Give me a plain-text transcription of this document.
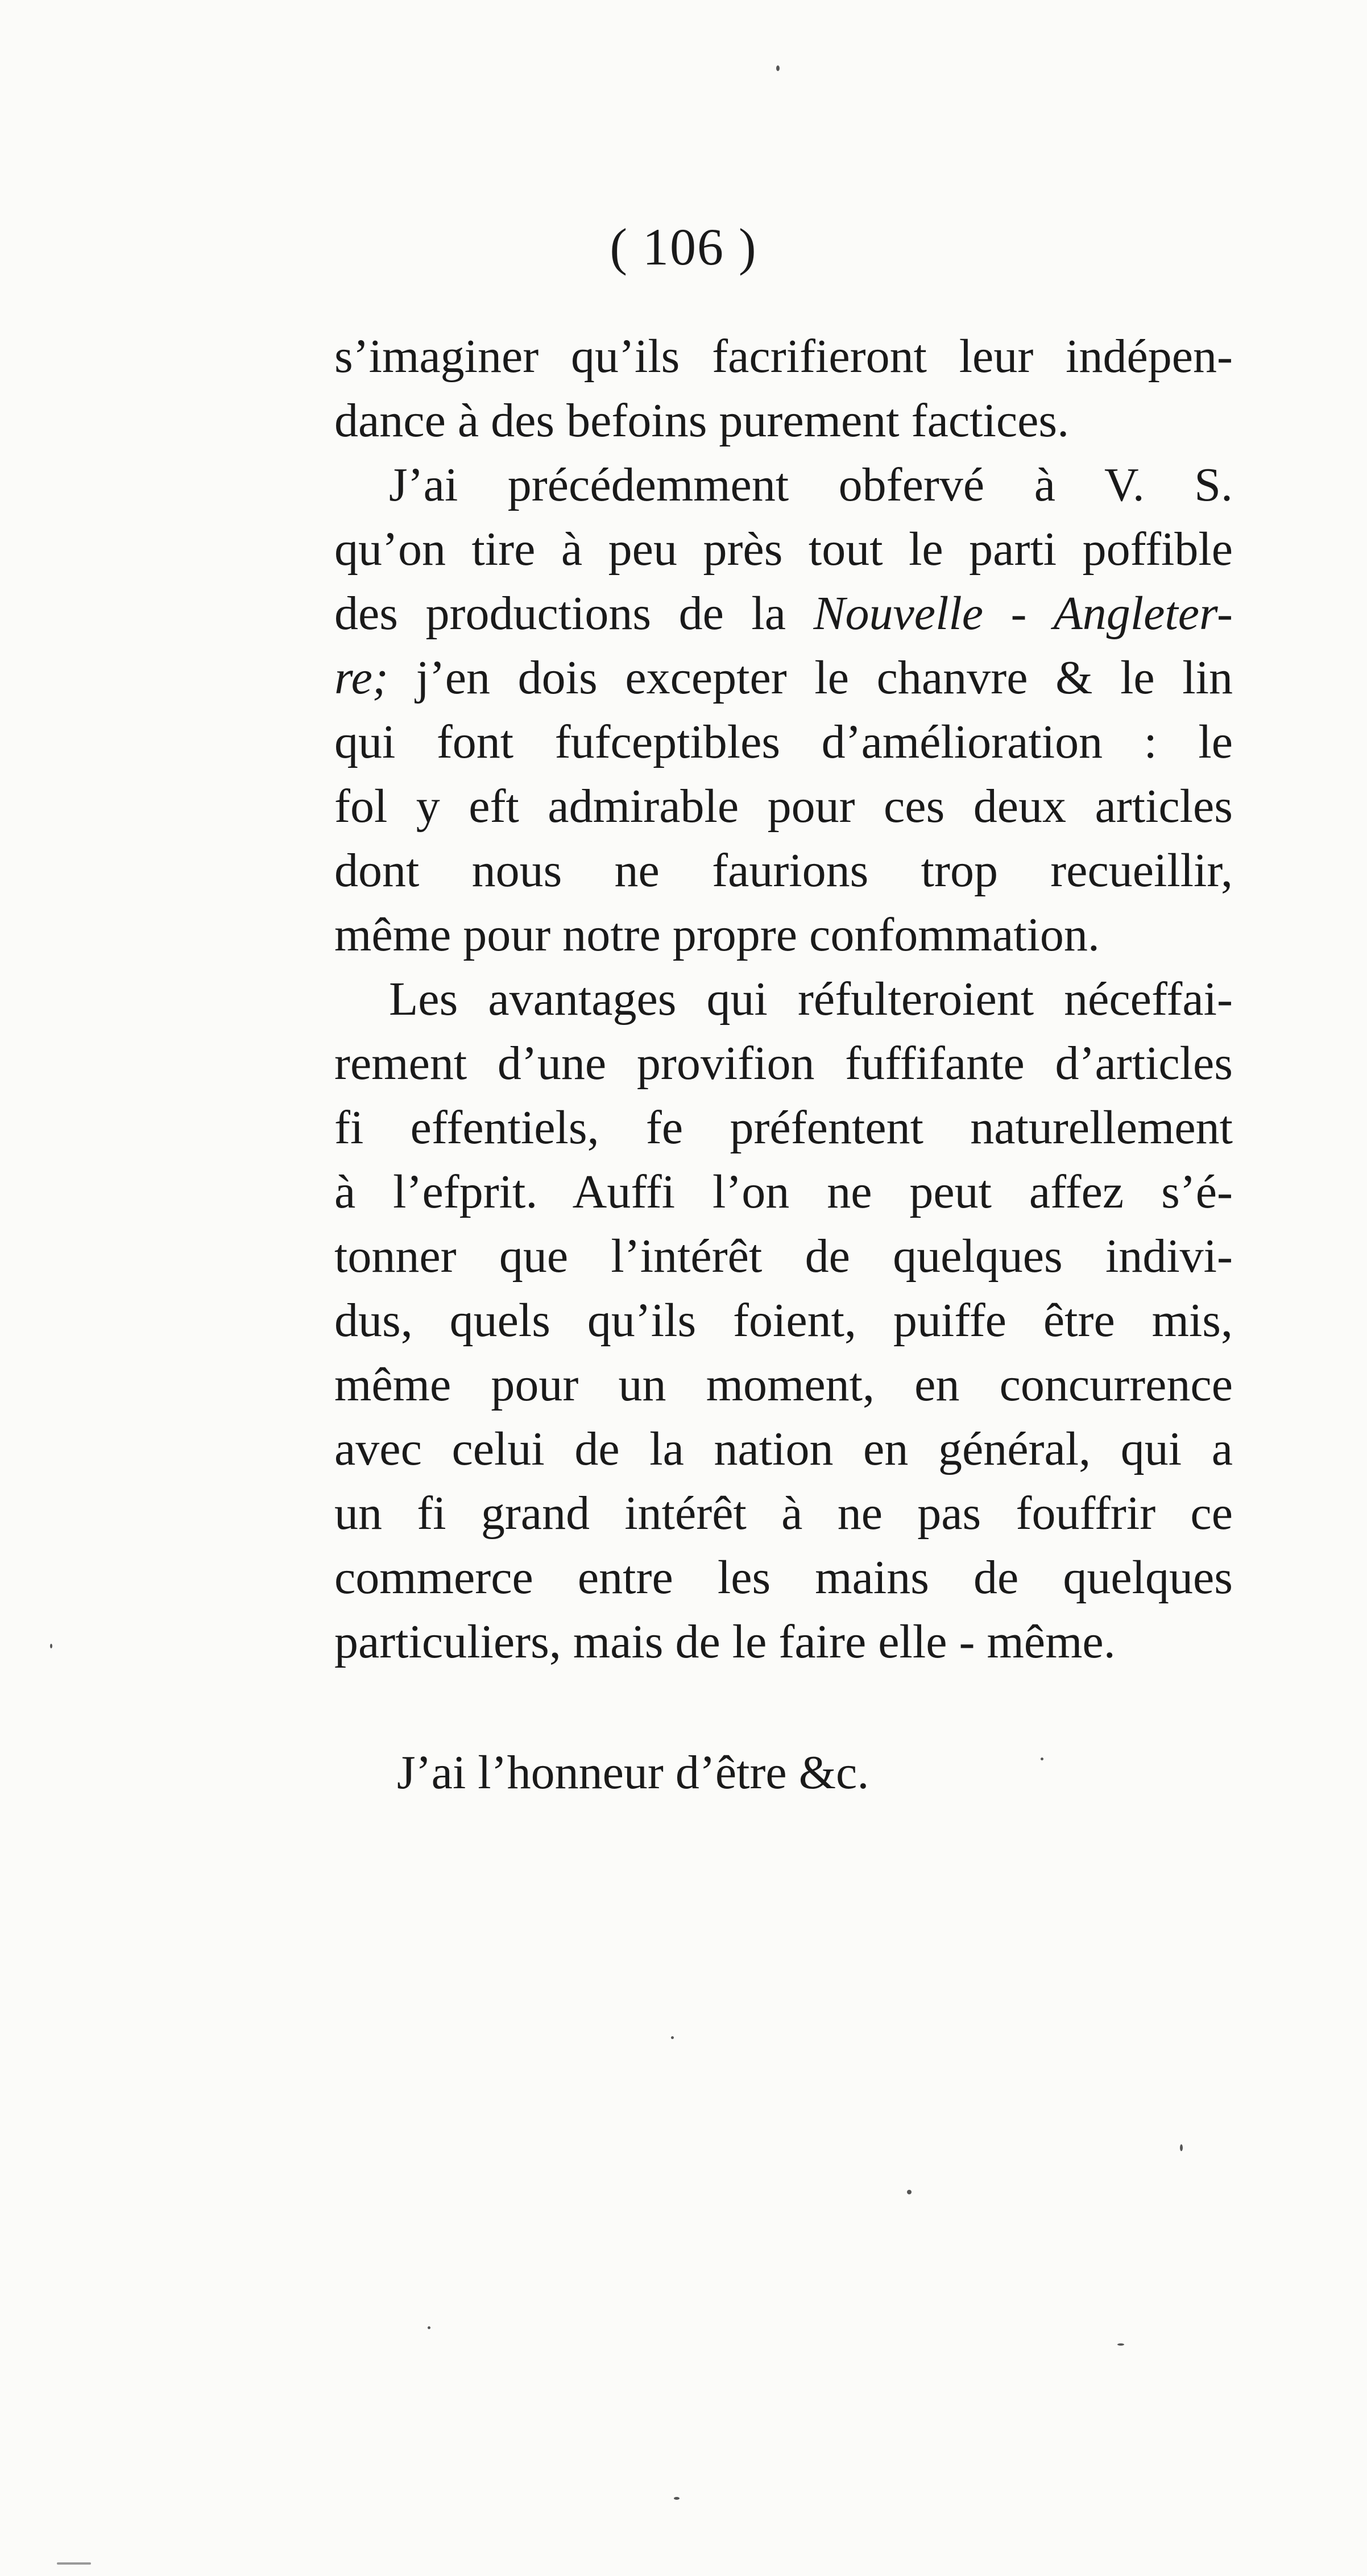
( 106 )
s’imaginer qu’ils facrifieront leur indépen-
dance à des befoins purement factices.
J’ai précédemment obfervé à V. S.
qu’on tire à peu près tout le parti poffible
des productions de la Nouvelle - Angleter-
re; j’en dois excepter le chanvre & le lin
qui font fufceptibles d’amélioration : le
fol y eft admirable pour ces deux articles
dont nous ne faurions trop recueillir,
même pour notre propre confommation.
Les avantages qui réfulteroient néceffai-
rement d’une provifion fuffifante d’articles
fi effentiels, fe préfentent naturellement
à l’efprit. Auffi l’on ne peut affez s’é-
tonner que l’intérêt de quelques indivi-
dus, quels qu’ils foient, puiffe être mis,
même pour un moment, en concurrence
avec celui de la nation en général, qui a
un fi grand intérêt à ne pas fouffrir ce
commerce entre les mains de quelques
particuliers, mais de le faire elle - même.
J’ai l’honneur d’être &c.
